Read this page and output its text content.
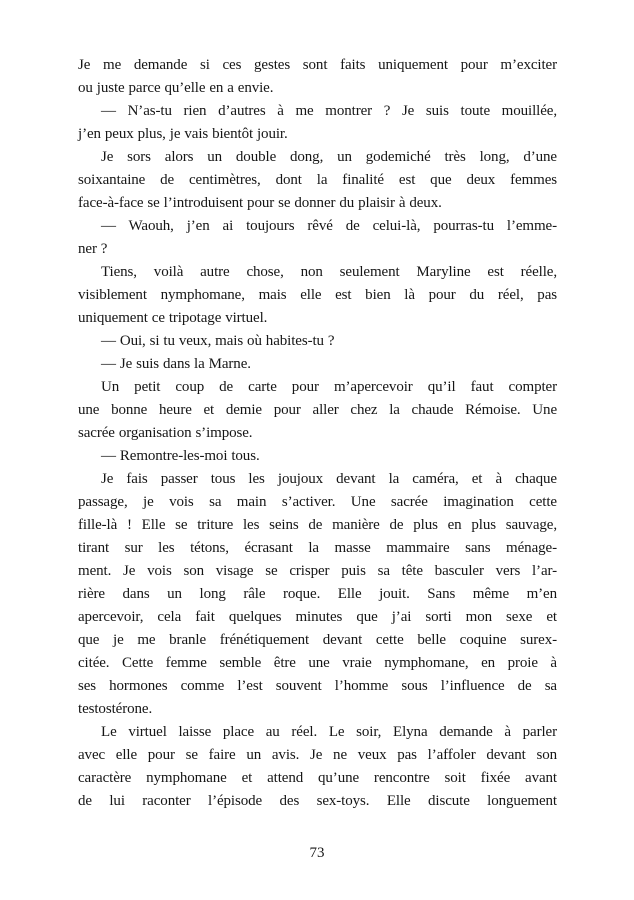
Je me demande si ces gestes sont faits uniquement pour m’exciter
ou juste parce qu’elle en a envie.
— N’as-tu rien d’autres à me montrer ? Je suis toute mouillée,
j’en peux plus, je vais bientôt jouir.
Je sors alors un double dong, un godemiché très long, d’une
soixantaine de centimètres, dont la finalité est que deux femmes
face-à-face se l’introduisent pour se donner du plaisir à deux.
— Waouh, j’en ai toujours rêvé de celui-là, pourras-tu l’emme-
ner ?
Tiens, voilà autre chose, non seulement Maryline est réelle,
visiblement nymphomane, mais elle est bien là pour du réel, pas
uniquement ce tripotage virtuel.
— Oui, si tu veux, mais où habites-tu ?
— Je suis dans la Marne.
Un petit coup de carte pour m’apercevoir qu’il faut compter
une bonne heure et demie pour aller chez la chaude Rémoise. Une
sacrée organisation s’impose.
— Remontre-les-moi tous.
Je fais passer tous les joujoux devant la caméra, et à chaque
passage, je vois sa main s’activer. Une sacrée imagination cette
fille-là ! Elle se triture les seins de manière de plus en plus sauvage,
tirant sur les tétons, écrasant la masse mammaire sans ménage-
ment. Je vois son visage se crisper puis sa tête basculer vers l’ar-
rière dans un long râle roque. Elle jouit. Sans même m’en
apercevoir, cela fait quelques minutes que j’ai sorti mon sexe et
que je me branle frénétiquement devant cette belle coquine surex-
citée. Cette femme semble être une vraie nymphomane, en proie à
ses hormones comme l’est souvent l’homme sous l’influence de sa
testostérone.
Le virtuel laisse place au réel. Le soir, Elyna demande à parler
avec elle pour se faire un avis. Je ne veux pas l’affoler devant son
caractère nymphomane et attend qu’une rencontre soit fixée avant
de lui raconter l’épisode des sex-toys. Elle discute longuement
73
